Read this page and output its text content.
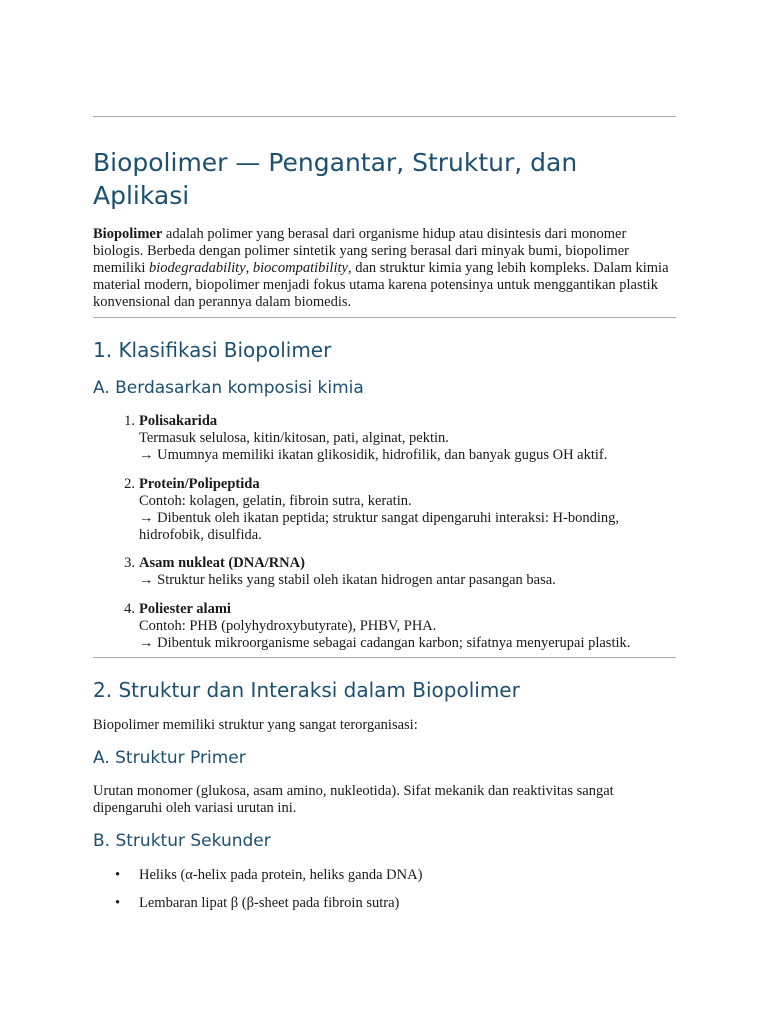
Biopolimer — Pengantar, Struktur, dan Aplikasi

Biopolimer adalah polimer yang berasal dari organisme hidup atau disintesis dari monomer biologis. Berbeda dengan polimer sintetik yang sering berasal dari minyak bumi, biopolimer memiliki biodegradability, biocompatibility, dan struktur kimia yang lebih kompleks. Dalam kimia material modern, biopolimer menjadi fokus utama karena potensinya untuk menggantikan plastik konvensional dan perannya dalam biomedis.

1. Klasifikasi Biopolimer
A. Berdasarkan komposisi kimia
1. Polisakarida
Termasuk selulosa, kitin/kitosan, pati, alginat, pektin.
→ Umumnya memiliki ikatan glikosidik, hidrofilik, dan banyak gugus OH aktif.
2. Protein/Polipeptida
Contoh: kolagen, gelatin, fibroin sutra, keratin.
→ Dibentuk oleh ikatan peptida; struktur sangat dipengaruhi interaksi: H-bonding,
hidrofobik, disulfida.
3. Asam nukleat (DNA/RNA)
→ Struktur heliks yang stabil oleh ikatan hidrogen antar pasangan basa.
4. Poliester alami
Contoh: PHB (polyhydroxybutyrate), PHBV, PHA.
→ Dibentuk mikroorganisme sebagai cadangan karbon; sifatnya menyerupai plastik.
2. Struktur dan Interaksi dalam Biopolimer

Biopolimer memiliki struktur yang sangat terorganisasi:

A. Struktur Primer

Urutan monomer (glukosa, asam amino, nukleotida). Sifat mekanik dan reaktivitas sangat dipengaruhi oleh variasi urutan ini.

B. Struktur Sekunder
• Heliks (α-helix pada protein, heliks ganda DNA)
• Lembaran lipat β (β-sheet pada fibroin sutra)
